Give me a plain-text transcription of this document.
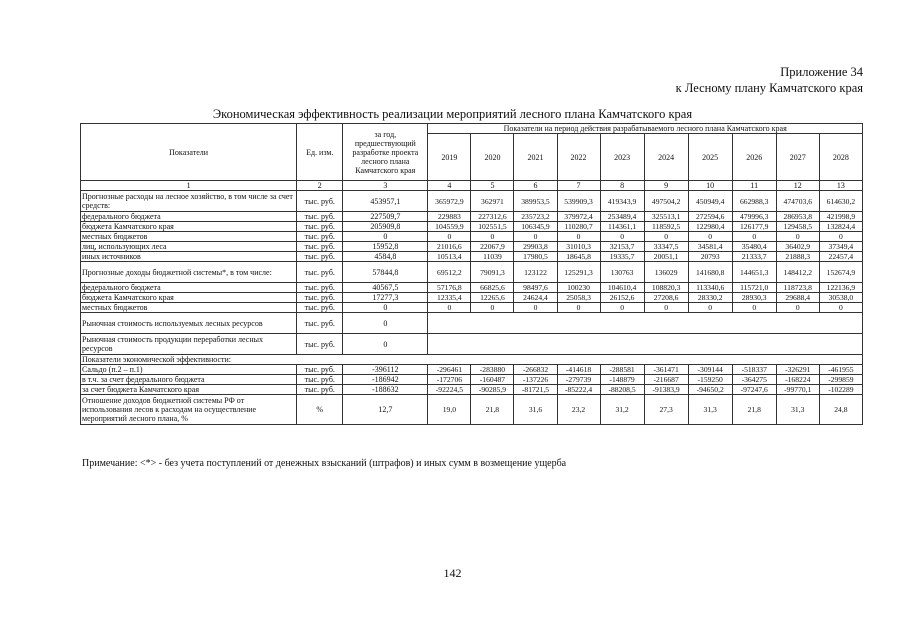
Приложение 34
к Лесному плану Камчатского края
Экономическая эффективность реализации мероприятий лесного плана Камчатского края
Показатели	Ед. изм.	за год, предшествующий разработке проекта лесного плана Камчатского края	Показатели на период действия разрабатываемого лесного плана Камчатского края									
			2019	2020	2021	2022	2023	2024	2025	2026	2027	2028
1	2	3	4	5	6	7	8	9	10	11	12	13
Прогнозные расходы на лесное хозяйство, в том числе за счет средств:	тыс. руб.	453957,1	365972,9	362971	389953,5	539909,3	419343,9	497504,2	450949,4	662988,3	474703,6	614630,2
федерального бюджета	тыс. руб.	227509,7	229883	227312,6	235723,2	379972,4	253489,4	325513,1	272594,6	479996,3	286953,8	421998,9
бюджета Камчатского края	тыс. руб.	205909,8	104559,9	102551,5	106345,9	110280,7	114361,1	118592,5	122980,4	126177,9	129458,5	132824,4
местных бюджетов	тыс. руб.	0	0	0	0	0	0	0	0	0	0	0
лиц, использующих леса	тыс. руб.	15952,8	21016,6	22067,9	29903,8	31010,3	32153,7	33347,5	34581,4	35480,4	36402,9	37349,4
иных источников	тыс. руб.	4584,8	10513,4	11039	17980,5	18645,8	19335,7	20051,1	20793	21333,7	21888,3	22457,4
Прогнозные доходы бюджетной системы*, в том числе:	тыс. руб.	57844,8	69512,2	79091,3	123122	125291,3	130763	136029	141680,8	144651,3	148412,2	152674,9
федерального бюджета	тыс. руб.	40567,5	57176,8	66825,6	98497,6	100230	104610,4	108820,3	113340,6	115721,0	118723,8	122136,9
бюджета Камчатского края	тыс. руб.	17277,3	12335,4	12265,6	24624,4	25058,3	26152,6	27208,6	28330,2	28930,3	29688,4	30538,0
местных бюджетов	тыс. руб.	0	0	0	0	0	0	0	0	0	0	0
Рыночная стоимость используемых лесных ресурсов	тыс. руб.	0										
Рыночная стоимость продукции переработки лесных ресурсов	тыс. руб.	0										
Показатели экономической эффективности:												
Сальдо (п.2 – п.1)	тыс. руб.	-396112	-296461	-283880	-266832	-414618	-288581	-361471	-309144	-518337	-326291	-461955
в т.ч. за счет федерального бюджета	тыс. руб.	-186942	-172706	-160487	-137226	-279739	-148879	-216687	-159250	-364275	-168224	-299859
за счет бюджета Камчатского края	тыс. руб.	-188632	-92224,5	-90285,9	-81721,5	-85222,4	-88208,5	-91383,9	-94650,2	-97247,6	-99770,1	-102289
Отношение доходов бюджетной системы РФ от использования лесов к расходам на осуществление мероприятий лесного плана, %	%	12,7	19,0	21,8	31,6	23,2	31,2	27,3	31,3	21,8	31,3	24,8
Примечание: <*> - без учета поступлений от денежных взысканий (штрафов) и иных сумм в возмещение ущерба
142
